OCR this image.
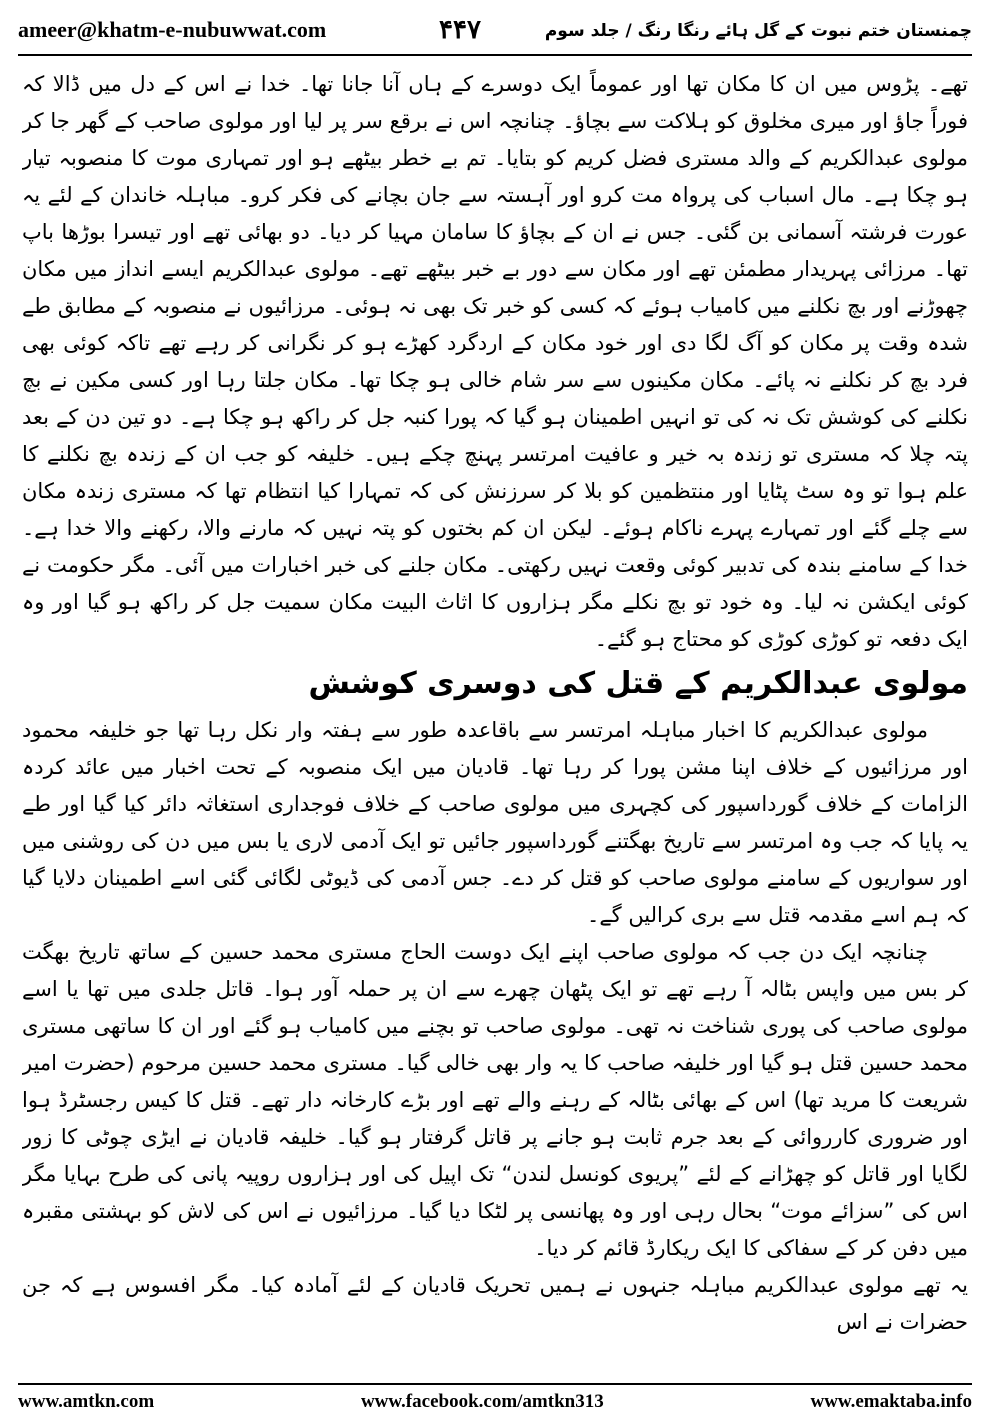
ameer@khatm-e-nubuwwat.com	۴۴۷	چمنستان ختم نبوت کے گل ہائے رنگا رنگ / جلد سوم

تھے۔ پڑوس میں ان کا مکان تھا اور عموماً ایک دوسرے کے ہاں آنا جانا تھا۔ خدا نے اس کے دل میں ڈالا کہ فوراً جاؤ اور میری مخلوق کو ہلاکت سے بچاؤ۔ چنانچہ اس نے برقع سر پر لیا اور مولوی صاحب کے گھر جا کر مولوی عبدالکریم کے والد مستری فضل کریم کو بتایا۔ تم بے خطر بیٹھے ہو اور تمہاری موت کا منصوبہ تیار ہو چکا ہے۔ مال اسباب کی پرواہ مت کرو اور آہستہ سے جان بچانے کی فکر کرو۔ مباہلہ خاندان کے لئے یہ عورت فرشتہ آسمانی بن گئی۔ جس نے ان کے بچاؤ کا سامان مہیا کر دیا۔ دو بھائی تھے اور تیسرا بوڑھا باپ تھا۔ مرزائی پہریدار مطمئن تھے اور مکان سے دور بے خبر بیٹھے تھے۔ مولوی عبدالکریم ایسے انداز میں مکان چھوڑنے اور بچ نکلنے میں کامیاب ہوئے کہ کسی کو خبر تک بھی نہ ہوئی۔ مرزائیوں نے منصوبہ کے مطابق طے شدہ وقت پر مکان کو آگ لگا دی اور خود مکان کے اردگرد کھڑے ہو کر نگرانی کر رہے تھے تاکہ کوئی بھی فرد بچ کر نکلنے نہ پائے۔ مکان مکینوں سے سر شام خالی ہو چکا تھا۔ مکان جلتا رہا اور کسی مکین نے بچ نکلنے کی کوشش تک نہ کی تو انہیں اطمینان ہو گیا کہ پورا کنبہ جل کر راکھ ہو چکا ہے۔ دو تین دن کے بعد پتہ چلا کہ مستری تو زندہ بہ خیر و عافیت امرتسر پہنچ چکے ہیں۔ خلیفہ کو جب ان کے زندہ بچ نکلنے کا علم ہوا تو وہ سٹ پٹایا اور منتظمین کو بلا کر سرزنش کی کہ تمہارا کیا انتظام تھا کہ مستری زندہ مکان سے چلے گئے اور تمہارے پہرے ناکام ہوئے۔ لیکن ان کم بختوں کو پتہ نہیں کہ مارنے والا، رکھنے والا خدا ہے۔ خدا کے سامنے بندہ کی تدبیر کوئی وقعت نہیں رکھتی۔ مکان جلنے کی خبر اخبارات میں آئی۔ مگر حکومت نے کوئی ایکشن نہ لیا۔ وہ خود تو بچ نکلے مگر ہزاروں کا اثاث البیت مکان سمیت جل کر راکھ ہو گیا اور وہ ایک دفعہ تو کوڑی کوڑی کو محتاج ہو گئے۔

مولوی عبدالکریم کے قتل کی دوسری کوشش

مولوی عبدالکریم کا اخبار مباہلہ امرتسر سے باقاعدہ طور سے ہفتہ وار نکل رہا تھا جو خلیفہ محمود اور مرزائیوں کے خلاف اپنا مشن پورا کر رہا تھا۔ قادیان میں ایک منصوبہ کے تحت اخبار میں عائد کردہ الزامات کے خلاف گورداسپور کی کچہری میں مولوی صاحب کے خلاف فوجداری استغاثہ دائر کیا گیا اور طے یہ پایا کہ جب وہ امرتسر سے تاریخ بھگتنے گورداسپور جائیں تو ایک آدمی لاری یا بس میں دن کی روشنی میں اور سواریوں کے سامنے مولوی صاحب کو قتل کر دے۔ جس آدمی کی ڈیوٹی لگائی گئی اسے اطمینان دلایا گیا کہ ہم اسے مقدمہ قتل سے بری کرالیں گے۔

چنانچہ ایک دن جب کہ مولوی صاحب اپنے ایک دوست الحاج مستری محمد حسین کے ساتھ تاریخ بھگت کر بس میں واپس بٹالہ آ رہے تھے تو ایک پٹھان چھرے سے ان پر حملہ آور ہوا۔ قاتل جلدی میں تھا یا اسے مولوی صاحب کی پوری شناخت نہ تھی۔ مولوی صاحب تو بچنے میں کامیاب ہو گئے اور ان کا ساتھی مستری محمد حسین قتل ہو گیا اور خلیفہ صاحب کا یہ وار بھی خالی گیا۔ مستری محمد حسین مرحوم (حضرت امیر شریعت کا مرید تھا) اس کے بھائی بٹالہ کے رہنے والے تھے اور بڑے کارخانہ دار تھے۔ قتل کا کیس رجسٹرڈ ہوا اور ضروری کارروائی کے بعد جرم ثابت ہو جانے پر قاتل گرفتار ہو گیا۔ خلیفہ قادیان نے ایڑی چوٹی کا زور لگایا اور قاتل کو چھڑانے کے لئے ”پریوی کونسل لندن“ تک اپیل کی اور ہزاروں روپیہ پانی کی طرح بہایا مگر اس کی ”سزائے موت“ بحال رہی اور وہ پھانسی پر لٹکا دیا گیا۔ مرزائیوں نے اس کی لاش کو بہشتی مقبرہ میں دفن کر کے سفاکی کا ایک ریکارڈ قائم کر دیا۔

یہ تھے مولوی عبدالکریم مباہلہ جنہوں نے ہمیں تحریک قادیان کے لئے آمادہ کیا۔ مگر افسوس ہے کہ جن حضرات نے اس

www.amtkn.com	www.facebook.com/amtkn313	www.emaktaba.info
